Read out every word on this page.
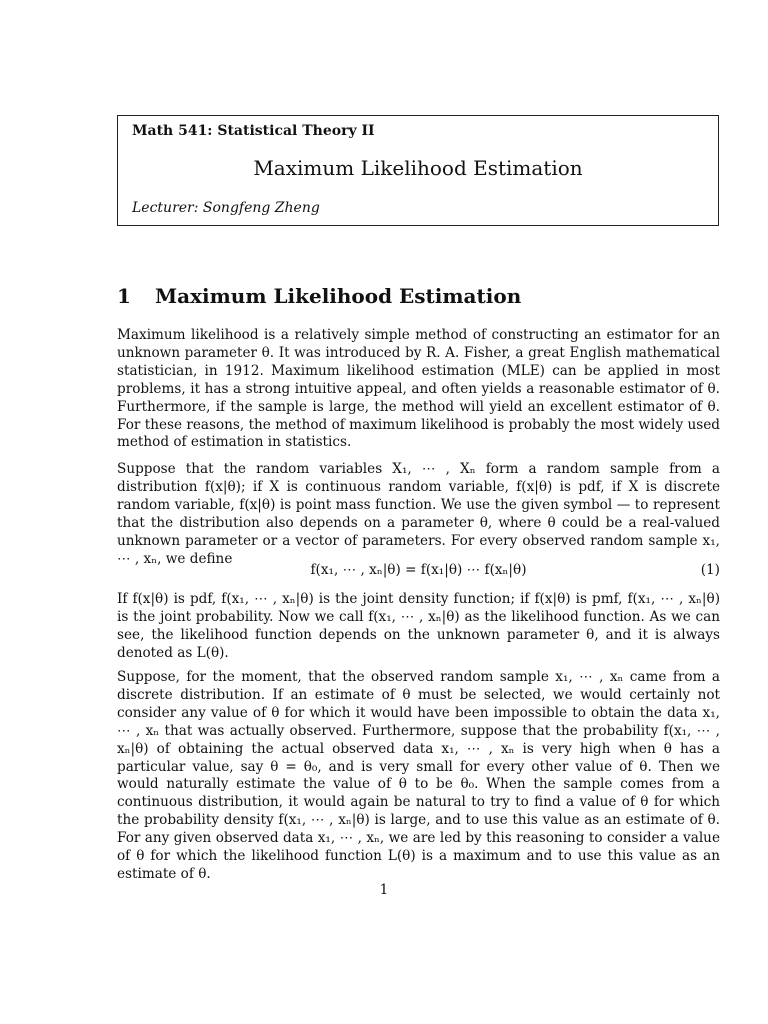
Math 541: Statistical Theory II
Maximum Likelihood Estimation
Lecturer: Songfeng Zheng
1 Maximum Likelihood Estimation

Maximum likelihood is a relatively simple method of constructing an estimator for an unknown parameter θ. It was introduced by R. A. Fisher, a great English mathematical statistician, in 1912. Maximum likelihood estimation (MLE) can be applied in most problems, it has a strong intuitive appeal, and often yields a reasonable estimator of θ. Furthermore, if the sample is large, the method will yield an excellent estimator of θ. For these reasons, the method of maximum likelihood is probably the most widely used method of estimation in statistics.

Suppose that the random variables X₁, ⋯ , Xₙ form a random sample from a distribution f(x|θ); if X is continuous random variable, f(x|θ) is pdf, if X is discrete random variable, f(x|θ) is point mass function. We use the given symbol — to represent that the distribution also depends on a parameter θ, where θ could be a real-valued unknown parameter or a vector of parameters. For every observed random sample x₁, ⋯ , xₙ, we define

f(x₁, ⋯ , xₙ|θ) = f(x₁|θ) ⋯ f(xₙ|θ)	(1)

If f(x|θ) is pdf, f(x₁, ⋯ , xₙ|θ) is the joint density function; if f(x|θ) is pmf, f(x₁, ⋯ , xₙ|θ) is the joint probability. Now we call f(x₁, ⋯ , xₙ|θ) as the likelihood function. As we can see, the likelihood function depends on the unknown parameter θ, and it is always denoted as L(θ).

Suppose, for the moment, that the observed random sample x₁, ⋯ , xₙ came from a discrete distribution. If an estimate of θ must be selected, we would certainly not consider any value of θ for which it would have been impossible to obtain the data x₁, ⋯ , xₙ that was actually observed. Furthermore, suppose that the probability f(x₁, ⋯ , xₙ|θ) of obtaining the actual observed data x₁, ⋯ , xₙ is very high when θ has a particular value, say θ = θ₀, and is very small for every other value of θ. Then we would naturally estimate the value of θ to be θ₀. When the sample comes from a continuous distribution, it would again be natural to try to find a value of θ for which the probability density f(x₁, ⋯ , xₙ|θ) is large, and to use this value as an estimate of θ. For any given observed data x₁, ⋯ , xₙ, we are led by this reasoning to consider a value of θ for which the likelihood function L(θ) is a maximum and to use this value as an estimate of θ.

1
